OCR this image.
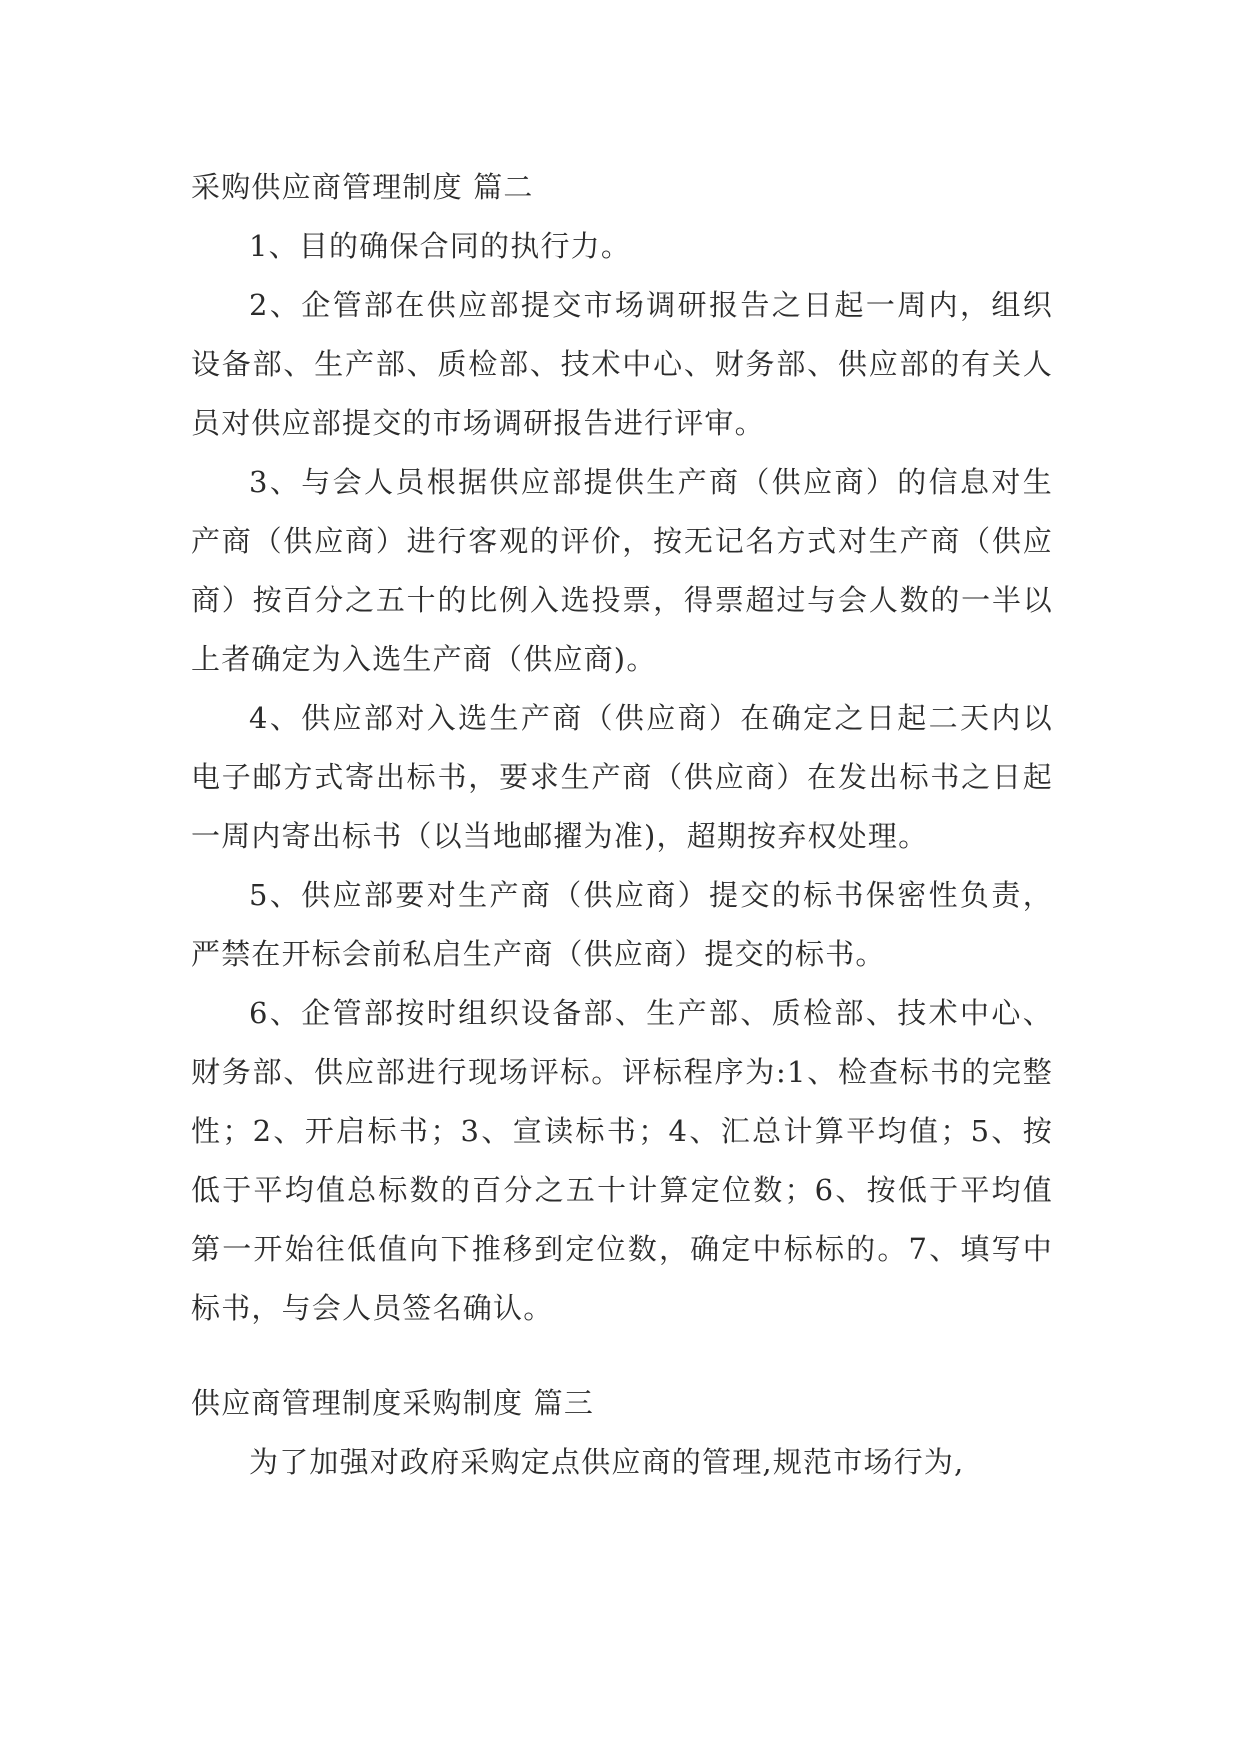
采购供应商管理制度 篇二

1、目的确保合同的执行力。

2、企管部在供应部提交市场调研报告之日起一周内，组织设备部、生产部、质检部、技术中心、财务部、供应部的有关人员对供应部提交的市场调研报告进行评审。

3、与会人员根据供应部提供生产商（供应商）的信息对生产商（供应商）进行客观的评价，按无记名方式对生产商（供应商）按百分之五十的比例入选投票，得票超过与会人数的一半以上者确定为入选生产商（供应商)。

4、供应部对入选生产商（供应商）在确定之日起二天内以电子邮方式寄出标书，要求生产商（供应商）在发出标书之日起一周内寄出标书（以当地邮擢为准)，超期按弃权处理。

5、供应部要对生产商（供应商）提交的标书保密性负责，严禁在开标会前私启生产商（供应商）提交的标书。

6、企管部按时组织设备部、生产部、质检部、技术中心、财务部、供应部进行现场评标。评标程序为:1、检查标书的完整性；2、开启标书；3、宣读标书；4、汇总计算平均值；5、按低于平均值总标数的百分之五十计算定位数；6、按低于平均值第一开始往低值向下推移到定位数，确定中标标的。7、填写中标书，与会人员签名确认。

供应商管理制度采购制度 篇三

为了加强对政府采购定点供应商的管理,规范市场行为,
